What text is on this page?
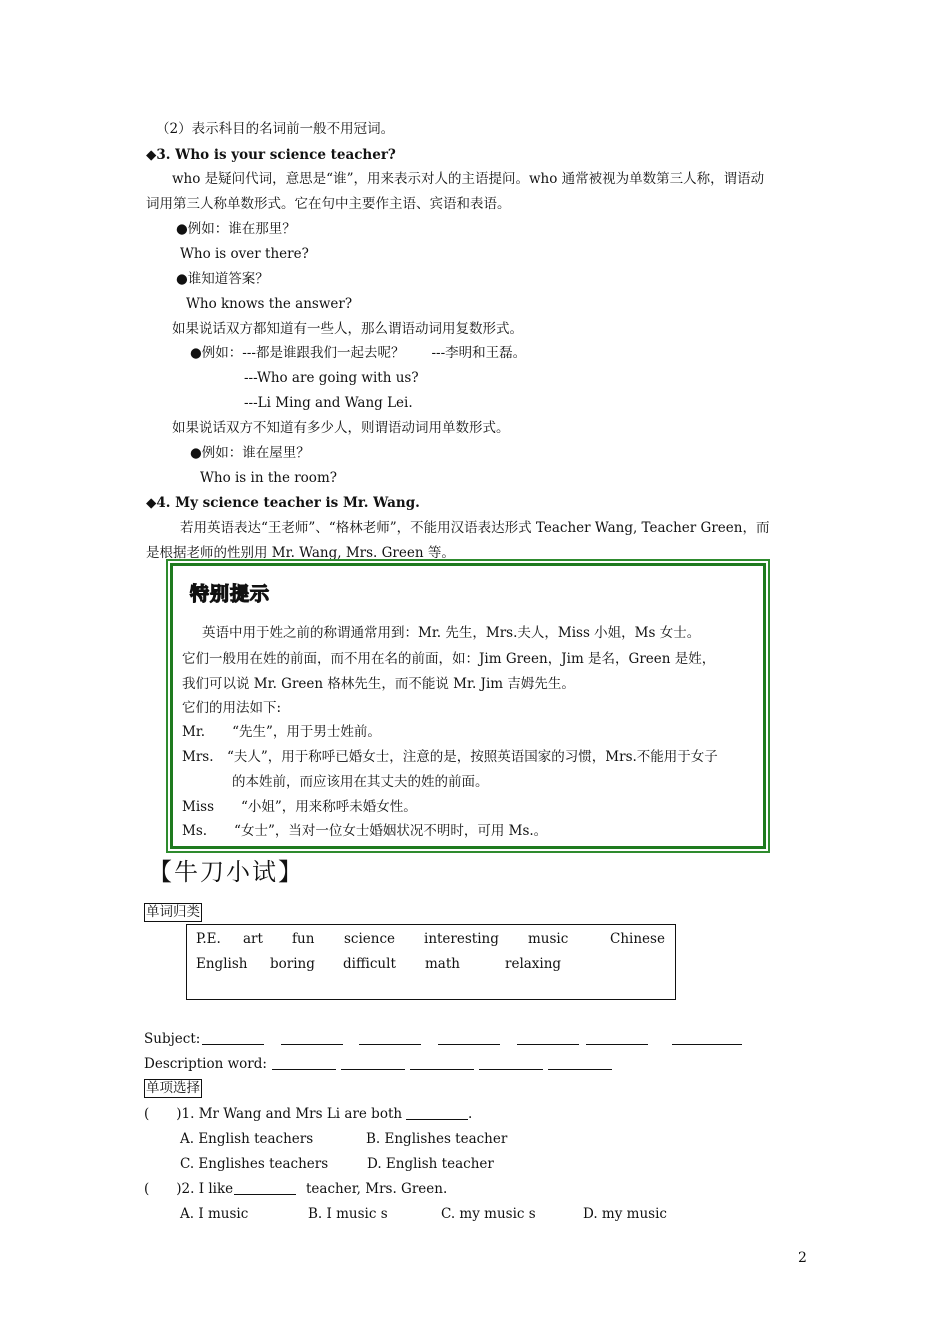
（2）表示科目的名词前一般不用冠词。
◆3. Who is your science teacher?
who 是疑问代词，意思是“谁”，用来表示对人的主语提问。who 通常被视为单数第三人称，谓语动
词用第三人称单数形式。它在句中主要作主语、宾语和表语。
●例如：谁在那里？
Who is over there?
●谁知道答案？
Who knows the answer?
如果说话双方都知道有一些人，那么谓语动词用复数形式。
●例如：---都是谁跟我们一起去呢？　　---李明和王磊。
---Who are going with us?
---Li Ming and Wang Lei.
如果说话双方不知道有多少人，则谓语动词用单数形式。
●例如：谁在屋里？
Who is in the room?
◆4. My science teacher is Mr. Wang.
若用英语表达“王老师”、“格林老师”，不能用汉语表达形式 Teacher Wang, Teacher Green，而
是根据老师的性别用 Mr. Wang, Mrs. Green 等。
特别提示
英语中用于姓之前的称谓通常用到：Mr. 先生，Mrs.夫人，Miss 小姐，Ms 女士。
它们一般用在姓的前面，而不用在名的前面，如：Jim Green，Jim 是名，Green 是姓，
我们可以说 Mr. Green 格林先生，而不能说 Mr. Jim 吉姆先生。
它们的用法如下:
Mr.　　“先生”，用于男士姓前。
Mrs.　“夫人”，用于称呼已婚女士，注意的是，按照英语国家的习惯，Mrs.不能用于女子
的本姓前，而应该用在其丈夫的姓的前面。
Miss　　“小姐”，用来称呼未婚女性。
Ms.　　“女士”，当对一位女士婚姻状况不明时，可用 Ms.。
【牛刀小试】
单词归类
P.E. art fun science interesting music	Chinese
English boring difficult math	relaxing
Subject:
Description word:
单项选择
(　　)1. Mr Wang and Mrs Li are both	.
A. English teachers	B. Englishes teacher
C. Englishes teachers	D. English teacher
(　　)2. I like	teacher, Mrs. Green.
A. I music	B. I music s	C. my music s	D. my music
2
